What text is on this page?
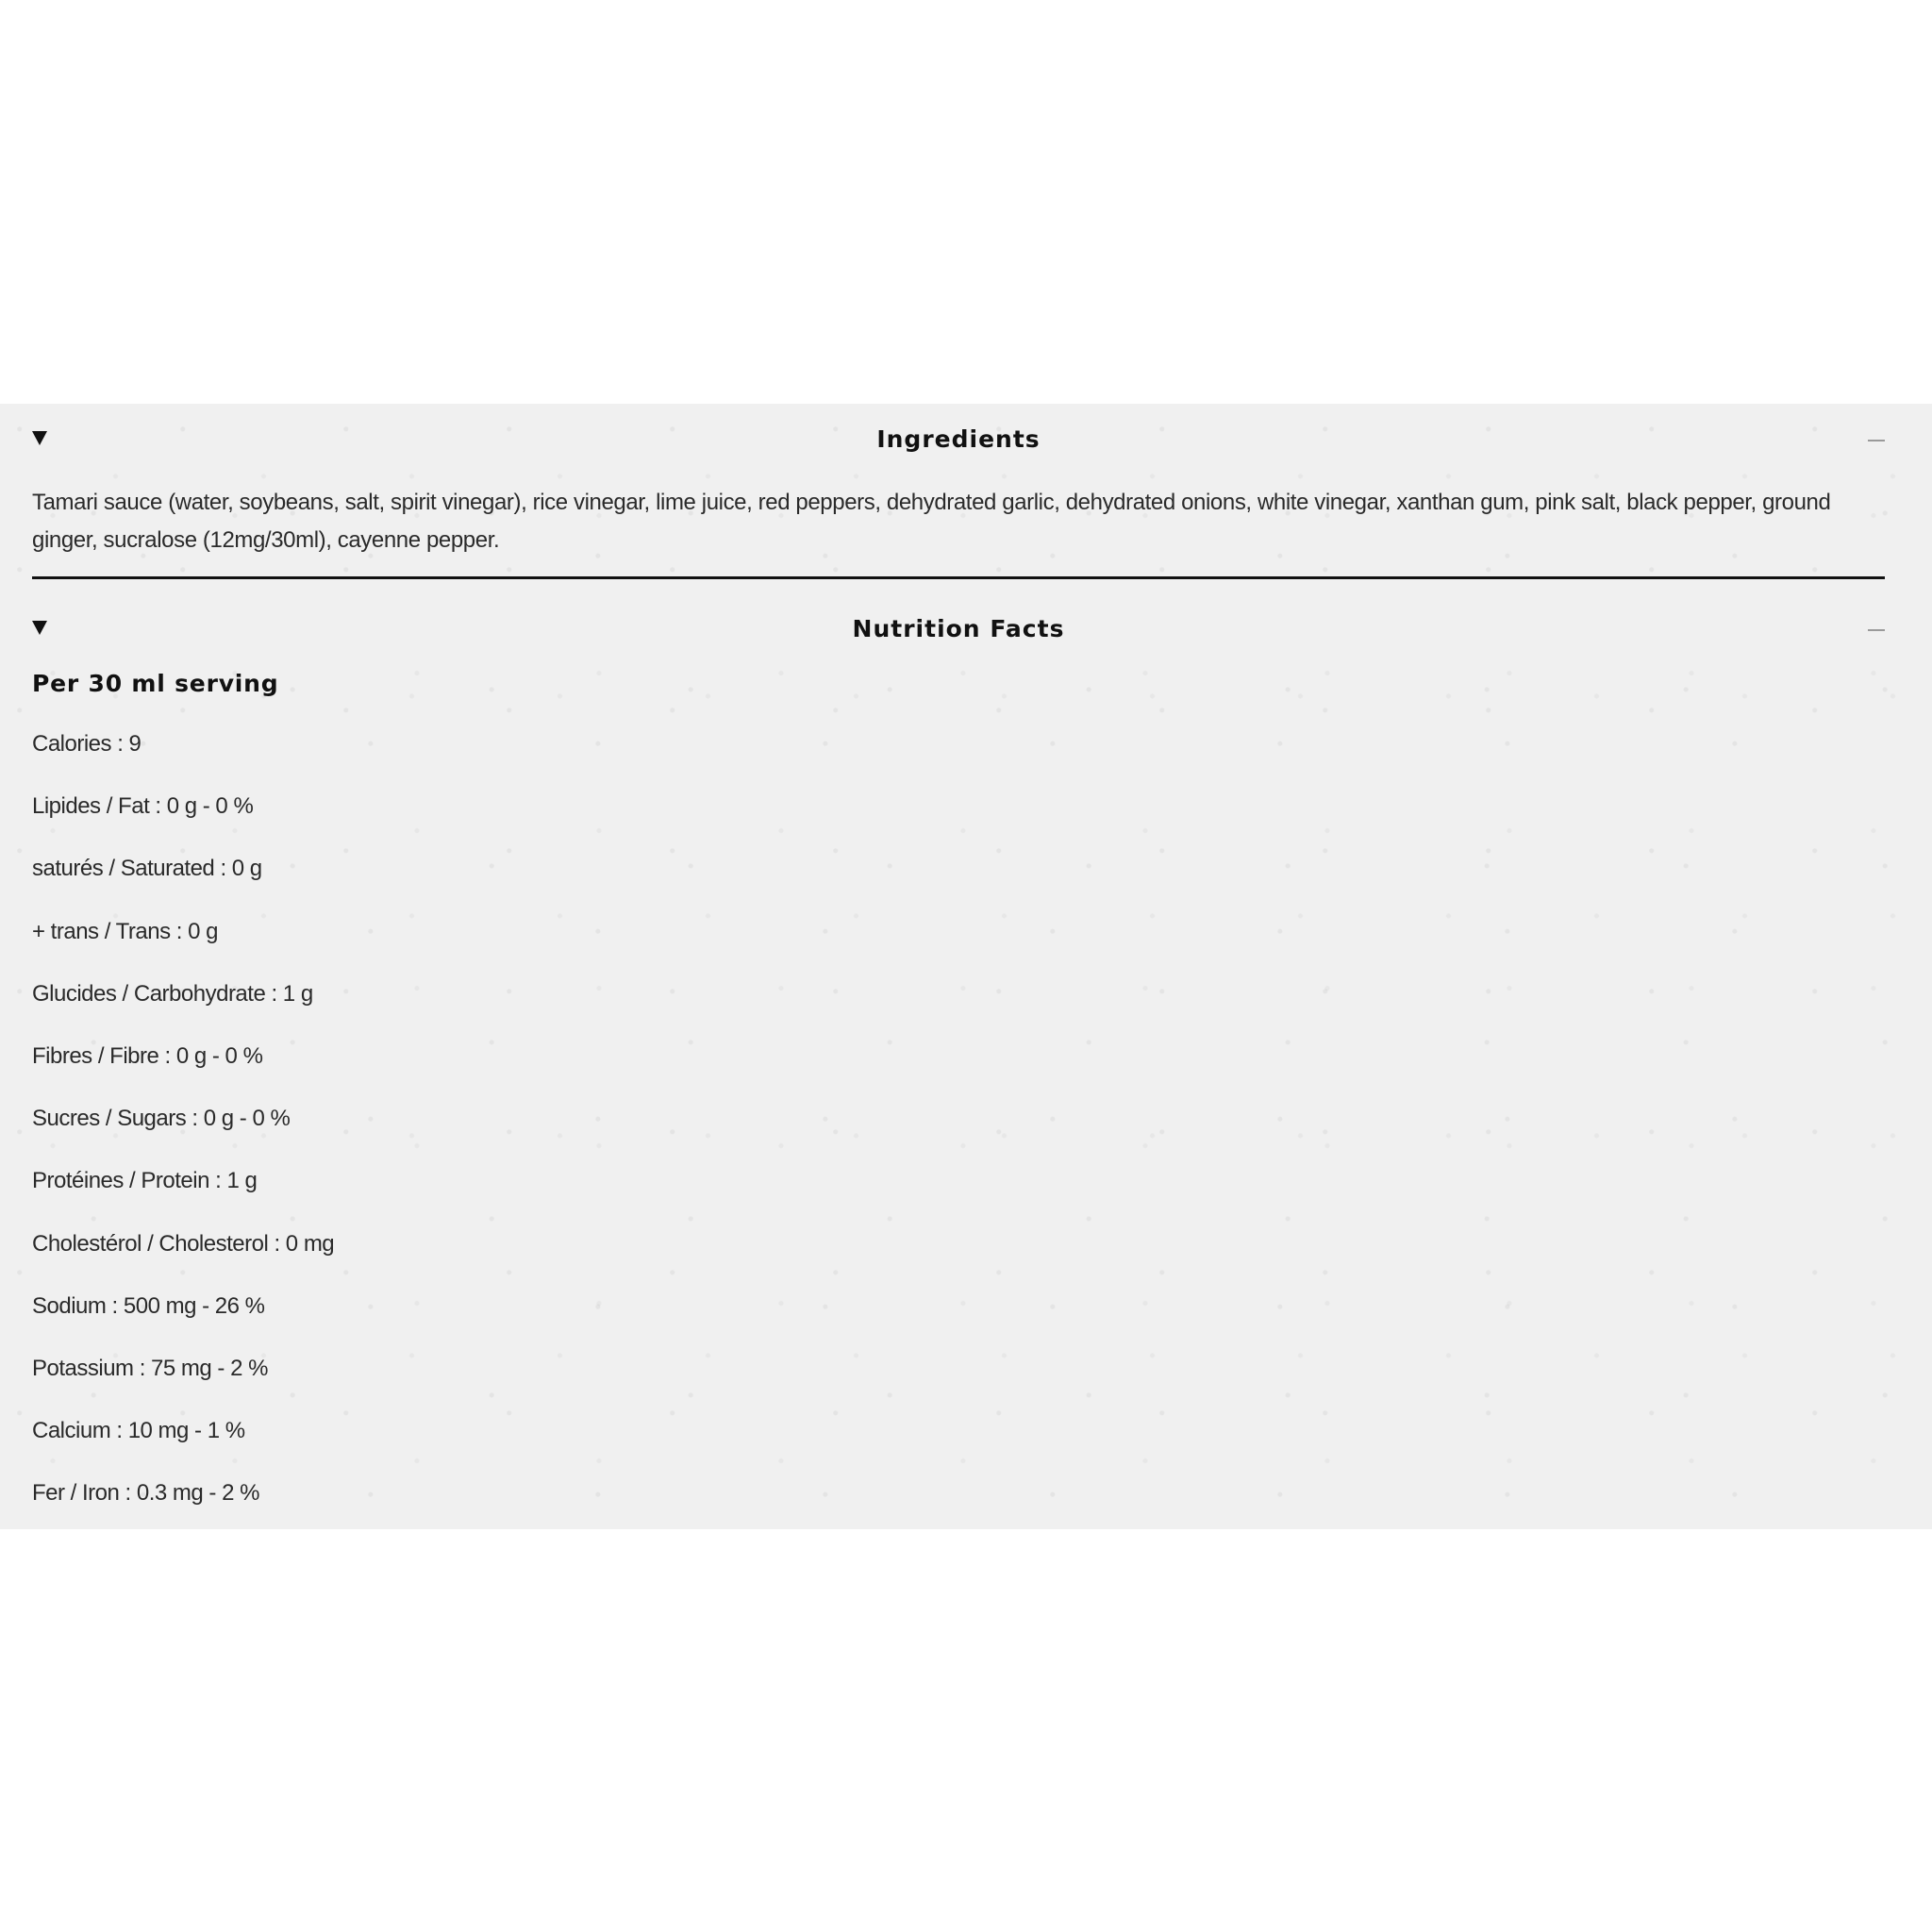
Ingredients
Tamari sauce (water, soybeans, salt, spirit vinegar), rice vinegar, lime juice, red peppers, dehydrated garlic, dehydrated onions, white vinegar, xanthan gum, pink salt, black pepper, ground ginger, sucralose (12mg/30ml), cayenne pepper.
Nutrition Facts
Per 30 ml serving
Calories : 9
Lipides / Fat : 0 g - 0 %
saturés / Saturated : 0 g
+ trans / Trans : 0 g
Glucides / Carbohydrate : 1 g
Fibres / Fibre : 0 g - 0 %
Sucres / Sugars : 0 g - 0 %
Protéines / Protein : 1 g
Cholestérol / Cholesterol : 0 mg
Sodium : 500 mg - 26 %
Potassium : 75 mg - 2 %
Calcium : 10 mg - 1 %
Fer / Iron : 0.3 mg - 2 %
